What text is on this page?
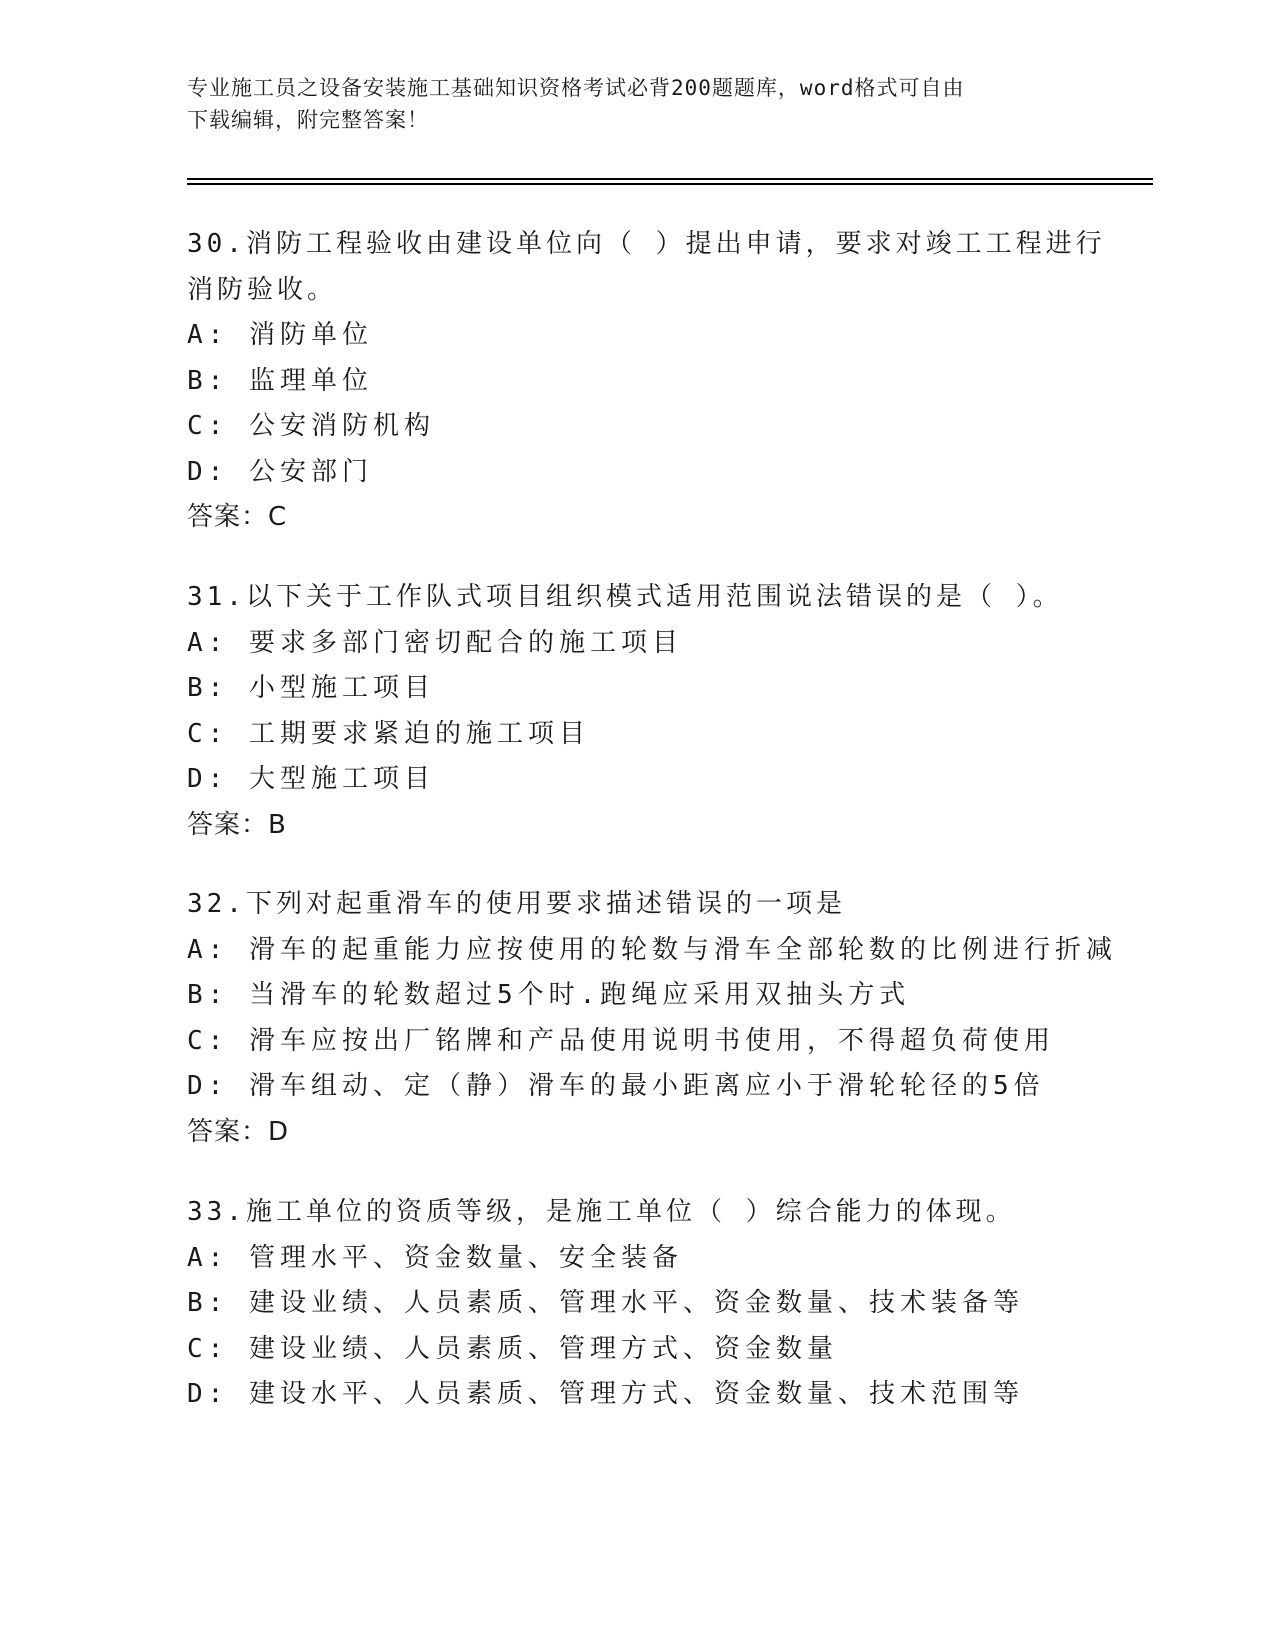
专业施工员之设备安装施工基础知识资格考试必背200题题库，word格式可自由
下载编辑，附完整答案！
30.消防工程验收由建设单位向（ ）提出申请，要求对竣工工程进行
消防验收。
A: 消防单位
B: 监理单位
C: 公安消防机构
D: 公安部门
答案：C
31.以下关于工作队式项目组织模式适用范围说法错误的是（ ）。
A: 要求多部门密切配合的施工项目
B: 小型施工项目
C: 工期要求紧迫的施工项目
D: 大型施工项目
答案：B
32.下列对起重滑车的使用要求描述错误的一项是
A: 滑车的起重能力应按使用的轮数与滑车全部轮数的比例进行折减
B: 当滑车的轮数超过5个时.跑绳应采用双抽头方式
C: 滑车应按出厂铭牌和产品使用说明书使用，不得超负荷使用
D: 滑车组动、定（静）滑车的最小距离应小于滑轮轮径的5倍
答案：D
33.施工单位的资质等级，是施工单位（ ）综合能力的体现。
A: 管理水平、资金数量、安全装备
B: 建设业绩、人员素质、管理水平、资金数量、技术装备等
C: 建设业绩、人员素质、管理方式、资金数量
D: 建设水平、人员素质、管理方式、资金数量、技术范围等
